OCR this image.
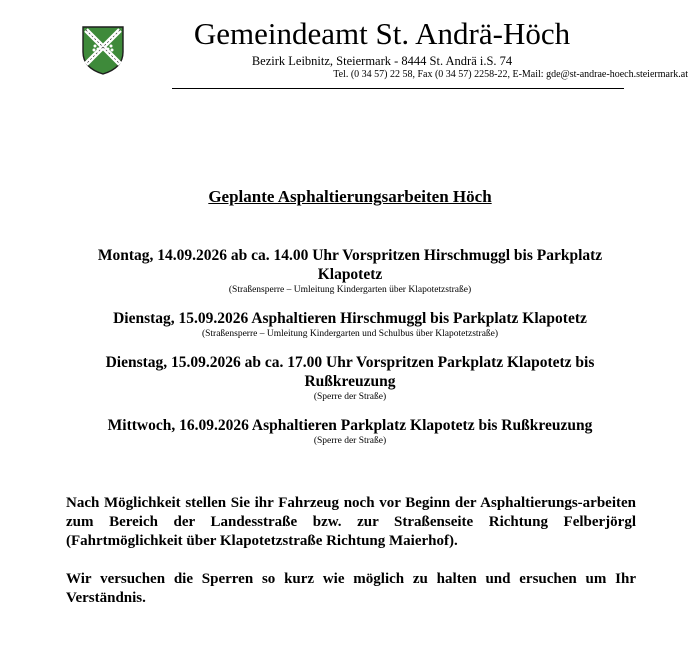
Gemeindeamt St. Andrä-Höch
Bezirk Leibnitz, Steiermark - 8444 St. Andrä i.S. 74
Tel. (0 34 57) 22 58, Fax (0 34 57) 2258-22, E-Mail: gde@st-andrae-hoech.steiermark.at
Geplante Asphaltierungsarbeiten Höch
Montag, 14.09.2026 ab ca. 14.00 Uhr Vorspritzen Hirschmuggl bis Parkplatz Klapotetz
(Straßensperre – Umleitung Kindergarten über Klapotetzstraße)
Dienstag, 15.09.2026 Asphaltieren Hirschmuggl bis Parkplatz Klapotetz
(Straßensperre – Umleitung Kindergarten und Schulbus über Klapotetzstraße)
Dienstag, 15.09.2026 ab ca. 17.00 Uhr Vorspritzen Parkplatz Klapotetz bis Rußkreuzung
(Sperre der Straße)
Mittwoch, 16.09.2026 Asphaltieren Parkplatz Klapotetz bis Rußkreuzung
(Sperre der Straße)

Nach Möglichkeit stellen Sie ihr Fahrzeug noch vor Beginn der Asphaltierungs-arbeiten zum Bereich der Landesstraße bzw. zur Straßenseite Richtung Felberjörgl (Fahrtmöglichkeit über Klapotetzstraße Richtung Maierhof).

Wir versuchen die Sperren so kurz wie möglich zu halten und ersuchen um Ihr Verständnis.
